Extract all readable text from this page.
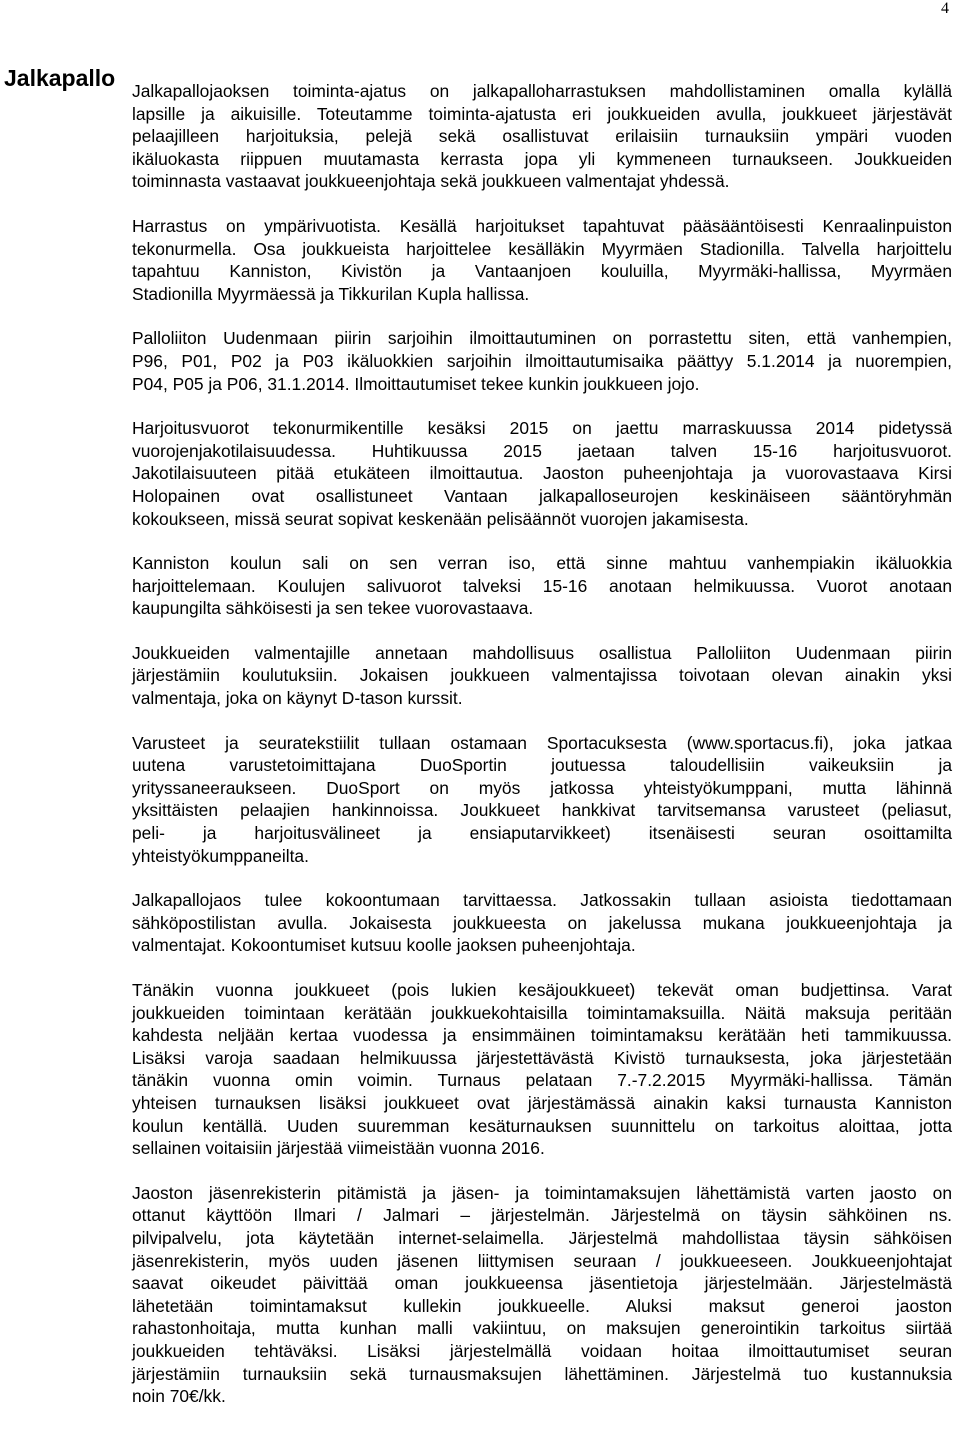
4
Jalkapallo Jalkapallojaoksen toiminta-ajatus on jalkapalloharrastuksen mahdollistaminen omalla kylällä
lapsille ja aikuisille. Toteutamme toiminta-ajatusta eri joukkueiden avulla, joukkueet järjestävät
pelaajilleen harjoituksia, pelejä sekä osallistuvat erilaisiin turnauksiin ympäri vuoden
ikäluokasta riippuen muutamasta kerrasta jopa yli kymmeneen turnaukseen. Joukkueiden
toiminnasta vastaavat joukkueenjohtaja sekä joukkueen valmentajat yhdessä.
Harrastus on ympärivuotista. Kesällä harjoitukset tapahtuvat pääsääntöisesti Kenraalinpuiston
tekonurmella. Osa joukkueista harjoittelee kesälläkin Myyrmäen Stadionilla. Talvella harjoittelu
tapahtuu Kanniston, Kivistön ja Vantaanjoen kouluilla, Myyrmäki-hallissa, Myyrmäen
Stadionilla Myyrmäessä ja Tikkurilan Kupla hallissa.
Palloliiton Uudenmaan piirin sarjoihin ilmoittautuminen on porrastettu siten, että vanhempien,
P96, P01, P02 ja P03 ikäluokkien sarjoihin ilmoittautumisaika päättyy 5.1.2014 ja nuorempien,
P04, P05 ja P06, 31.1.2014. Ilmoittautumiset tekee kunkin joukkueen jojo.
Harjoitusvuorot tekonurmikentille kesäksi 2015 on jaettu marraskuussa 2014 pidetyssä
vuorojenjakotilaisuudessa. Huhtikuussa 2015 jaetaan talven 15-16 harjoitusvuorot.
Jakotilaisuuteen pitää etukäteen ilmoittautua. Jaoston puheenjohtaja ja vuorovastaava Kirsi
Holopainen ovat osallistuneet Vantaan jalkapalloseurojen keskinäiseen sääntöryhmän
kokoukseen, missä seurat sopivat keskenään pelisäännöt vuorojen jakamisesta.
Kanniston koulun sali on sen verran iso, että sinne mahtuu vanhempiakin ikäluokkia
harjoittelemaan. Koulujen salivuorot talveksi 15-16 anotaan helmikuussa. Vuorot anotaan
kaupungilta sähköisesti ja sen tekee vuorovastaava.
Joukkueiden valmentajille annetaan mahdollisuus osallistua Palloliiton Uudenmaan piirin
järjestämiin koulutuksiin. Jokaisen joukkueen valmentajissa toivotaan olevan ainakin yksi
valmentaja, joka on käynyt D-tason kurssit.
Varusteet ja seuratekstiilit tullaan ostamaan Sportacuksesta (www.sportacus.fi), joka jatkaa
uutena varustetoimittajana DuoSportin joutuessa taloudellisiin vaikeuksiin ja
yrityssaneeraukseen. DuoSport on myös jatkossa yhteistyökumppani, mutta lähinnä
yksittäisten pelaajien hankinnoissa. Joukkueet hankkivat tarvitsemansa varusteet (peliasut,
peli- ja harjoitusvälineet ja ensiaputarvikkeet) itsenäisesti seuran osoittamilta
yhteistyökumppaneilta.
Jalkapallojaos tulee kokoontumaan tarvittaessa. Jatkossakin tullaan asioista tiedottamaan
sähköpostilistan avulla. Jokaisesta joukkueesta on jakelussa mukana joukkueenjohtaja ja
valmentajat. Kokoontumiset kutsuu koolle jaoksen puheenjohtaja.
Tänäkin vuonna joukkueet (pois lukien kesäjoukkueet) tekevät oman budjettinsa. Varat
joukkueiden toimintaan kerätään joukkuekohtaisilla toimintamaksuilla. Näitä maksuja peritään
kahdesta neljään kertaa vuodessa ja ensimmäinen toimintamaksu kerätään heti tammikuussa.
Lisäksi varoja saadaan helmikuussa järjestettävästä Kivistö turnauksesta, joka järjestetään
tänäkin vuonna omin voimin. Turnaus pelataan 7.-7.2.2015 Myyrmäki-hallissa. Tämän
yhteisen turnauksen lisäksi joukkueet ovat järjestämässä ainakin kaksi turnausta Kanniston
koulun kentällä. Uuden suuremman kesäturnauksen suunnittelu on tarkoitus aloittaa, jotta
sellainen voitaisiin järjestää viimeistään vuonna 2016.
Jaoston jäsenrekisterin pitämistä ja jäsen- ja toimintamaksujen lähettämistä varten jaosto on
ottanut käyttöön Ilmari / Jalmari – järjestelmän. Järjestelmä on täysin sähköinen ns.
pilvipalvelu, jota käytetään internet-selaimella. Järjestelmä mahdollistaa täysin sähköisen
jäsenrekisterin, myös uuden jäsenen liittymisen seuraan / joukkueeseen. Joukkueenjohtajat
saavat oikeudet päivittää oman joukkueensa jäsentietoja järjestelmään. Järjestelmästä
lähetetään toimintamaksut kullekin joukkueelle. Aluksi maksut generoi jaoston
rahastonhoitaja, mutta kunhan malli vakiintuu, on maksujen generointikin tarkoitus siirtää
joukkueiden tehtäväksi. Lisäksi järjestelmällä voidaan hoitaa ilmoittautumiset seuran
järjestämiin turnauksiin sekä turnausmaksujen lähettäminen. Järjestelmä tuo kustannuksia
noin 70€/kk.
